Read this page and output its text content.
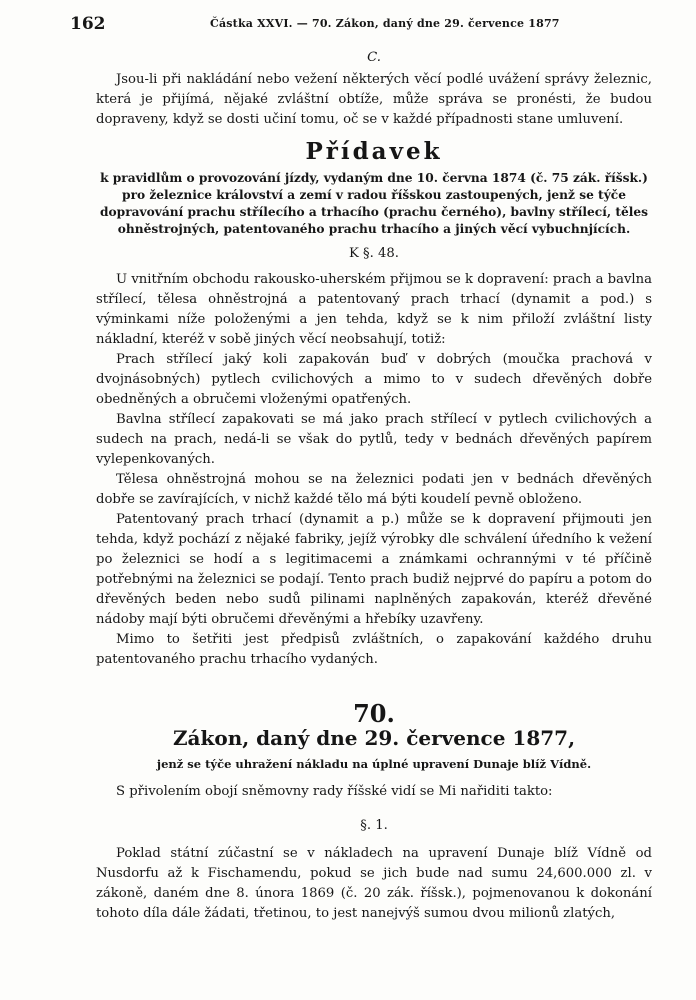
162	Částka XXVI. — 70. Zákon, daný dne 29. července 1877
C.

Jsou-li při nakládání nebo vežení některých věcí podlé uvážení správy železnic, která je přijímá, nějaké zvláštní obtíže, může správa se pronésti, že budou dopraveny, když se dosti učiní tomu, oč se v každé případnosti stane umluvení.

Přídavek
k pravidlům o provozování jízdy, vydaným dne 10. června 1874 (č. 75 zák. říšsk.) pro železnice království a zemí v radou říšskou zastoupených, jenž se týče dopravování prachu střílecího a trhacího (prachu černého), bavlny střílecí, těles ohněstrojných, patentovaného prachu trhacího a jiných věcí vybuchnjících.
K §. 48.

U vnitřním obchodu rakousko-uherském přijmou se k dopravení: prach a bavlna střílecí, tělesa ohněstrojná a patentovaný prach trhací (dynamit a pod.) s výminkami níže položenými a jen tehda, když se k nim přiloží zvláštní listy nákladní, kteréž v sobě jiných věcí neobsahují, totiž:

Prach střílecí jaký koli zapakován buď v dobrých (moučka prachová v dvojnásobných) pytlech cvilichových a mimo to v sudech dřevěných dobře obedněných a obručemi vloženými opatřených.

Bavlna střílecí zapakovati se má jako prach střílecí v pytlech cvilichových a sudech na prach, nedá-li se však do pytlů, tedy v bednách dřevěných papírem vylepenkovaných.

Tělesa ohněstrojná mohou se na železnici podati jen v bednách dřevěných dobře se zavírajících, v nichž každé tělo má býti koudelí pevně obloženo.

Patentovaný prach trhací (dynamit a p.) může se k dopravení přijmouti jen tehda, když pochází z nějaké fabriky, jejíž výrobky dle schválení úředního k vežení po železnici se hodí a s legitimacemi a známkami ochrannými v té příčině potřebnými na železnici se podají. Tento prach budiž nejprvé do papíru a potom do dřevěných beden nebo sudů pilinami naplněných zapakován, kteréž dřevěné nádoby mají býti obručemi dřevěnými a hřebíky uzavřeny.

Mimo to šetřiti jest předpisů zvláštních, o zapakování každého druhu patentovaného prachu trhacího vydaných.

70.
Zákon, daný dne 29. července 1877,
jenž se týče uhražení nákladu na úplné upravení Dunaje blíž Vídně.

S přivolením obojí sněmovny rady říšské vidí se Mi nařiditi takto:

§. 1.

Poklad státní zúčastní se v nákladech na upravení Dunaje blíž Vídně od Nusdorfu až k Fischamendu, pokud se jich bude nad sumu 24,600.000 zl. v zákoně, daném dne 8. února 1869 (č. 20 zák. říšsk.), pojmenovanou k dokonání tohoto díla dále žádati, třetinou, to jest nanejvýš sumou dvou milionů zlatých,
